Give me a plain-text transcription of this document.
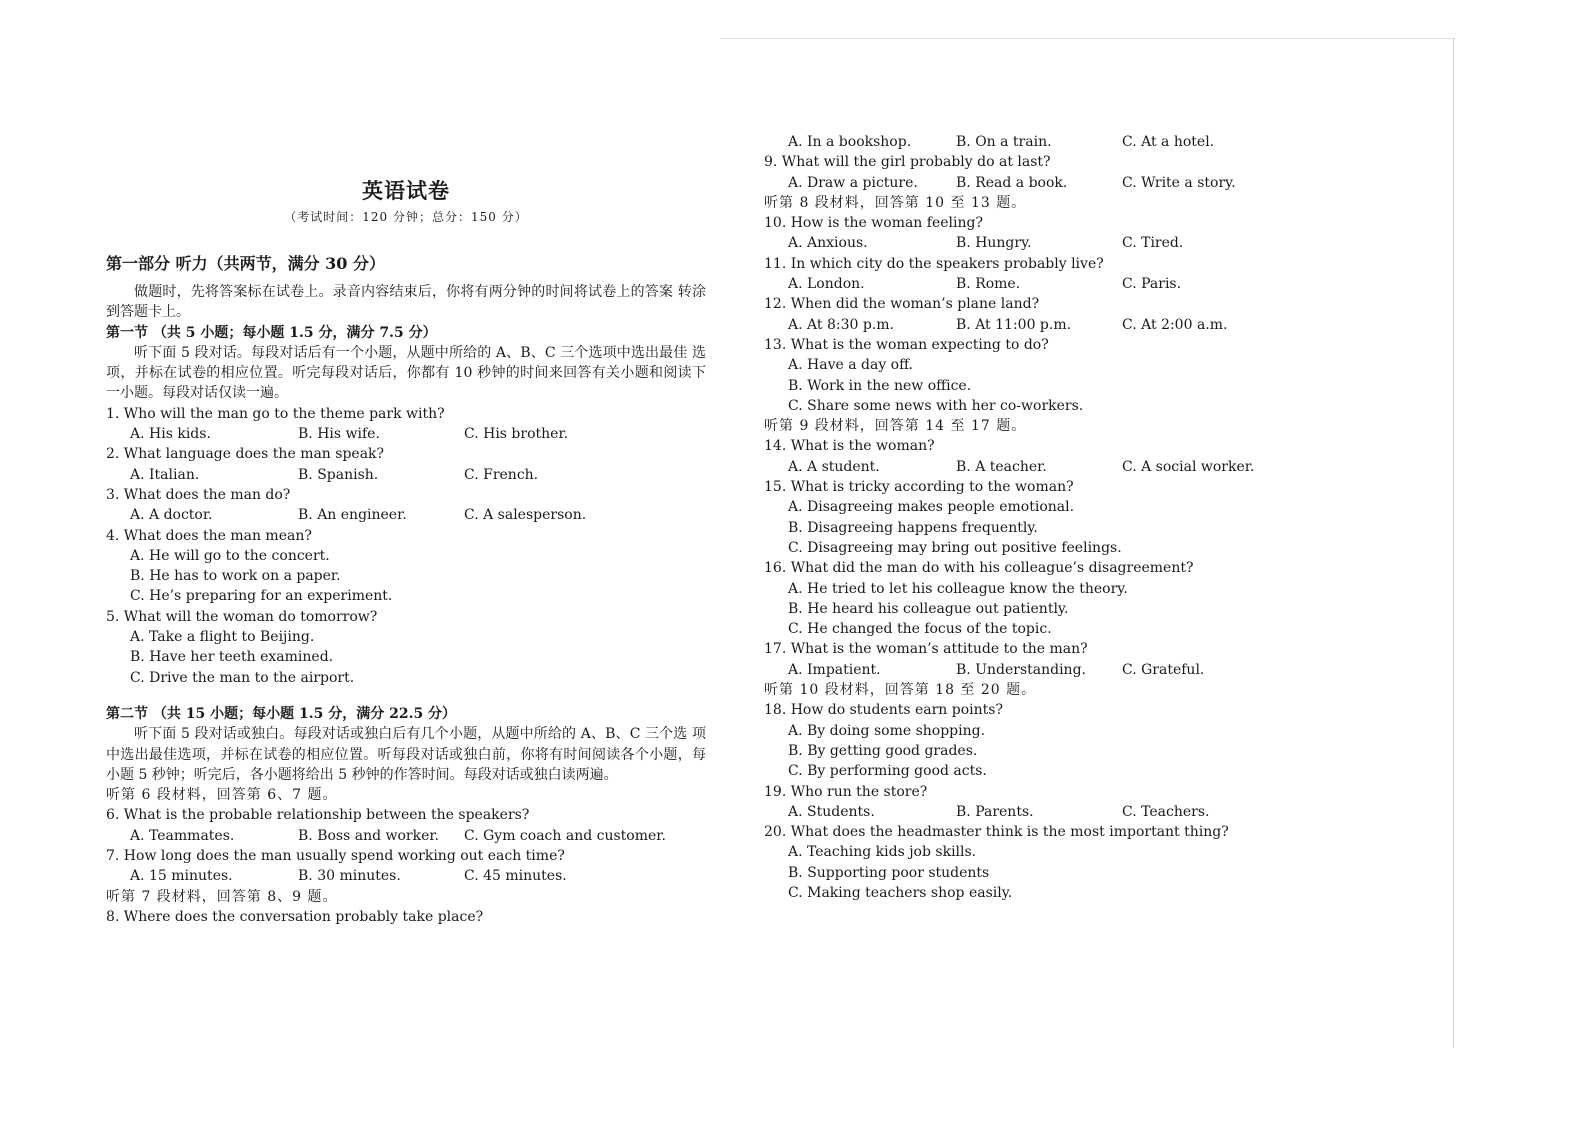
英语试卷
（考试时间：120 分钟；总分：150 分）
第一部分 听力（共两节，满分 30 分）
做题时，先将答案标在试卷上。录音内容结束后，你将有两分钟的时间将试卷上的答案 转涂到答题卡上。
第一节 （共 5 小题；每小题 1.5 分，满分 7.5 分）
听下面 5 段对话。每段对话后有一个小题，从题中所给的 A、B、C 三个选项中选出最佳 选项，并标在试卷的相应位置。听完每段对话后，你都有 10 秒钟的时间来回答有关小题和阅读下一小题。每段对话仅读一遍。
1. Who will the man go to the theme park with?
A. His kids.	B. His wife.	C. His brother.
2. What language does the man speak?
A. Italian.	B. Spanish.	C. French.
3. What does the man do?
A. A doctor.	B. An engineer.	C. A salesperson.
4. What does the man mean?
A. He will go to the concert.
B. He has to work on a paper.
C. He’s preparing for an experiment.
5. What will the woman do tomorrow?
A. Take a flight to Beijing.
B. Have her teeth examined.
C. Drive the man to the airport.
第二节 （共 15 小题；每小题 1.5 分，满分 22.5 分）
听下面 5 段对话或独白。每段对话或独白后有几个小题，从题中所给的 A、B、C 三个选 项中选出最佳选项，并标在试卷的相应位置。听每段对话或独白前，你将有时间阅读各个小题，每小题 5 秒钟；听完后，各小题将给出 5 秒钟的作答时间。每段对话或独白读两遍。
听第 6 段材料，回答第 6、7 题。
6. What is the probable relationship between the speakers?
A. Teammates.	B. Boss and worker.	C. Gym coach and customer.
7. How long does the man usually spend working out each time?
A. 15 minutes.	B. 30 minutes.	C. 45 minutes.
听第 7 段材料，回答第 8、9 题。
8. Where does the conversation probably take place?
A. In a bookshop.	B. On a train.	C. At a hotel.
9. What will the girl probably do at last?
A. Draw a picture.	B. Read a book.	C. Write a story.
听第 8 段材料，回答第 10 至 13 题。
10. How is the woman feeling?
A. Anxious.	B. Hungry.	C. Tired.
11. In which city do the speakers probably live?
A. London.	B. Rome.	C. Paris.
12. When did the woman’s plane land?
A. At 8:30 p.m.	B. At 11:00 p.m.	C. At 2:00 a.m.
13. What is the woman expecting to do?
A. Have a day off.
B. Work in the new office.
C. Share some news with her co-workers.
听第 9 段材料，回答第 14 至 17 题。
14. What is the woman?
A. A student.	B. A teacher.	C. A social worker.
15. What is tricky according to the woman?
A. Disagreeing makes people emotional.
B. Disagreeing happens frequently.
C. Disagreeing may bring out positive feelings.
16. What did the man do with his colleague’s disagreement?
A. He tried to let his colleague know the theory.
B. He heard his colleague out patiently.
C. He changed the focus of the topic.
17. What is the woman’s attitude to the man?
A. Impatient.	B. Understanding.	C. Grateful.
听第 10 段材料，回答第 18 至 20 题。
18. How do students earn points?
A. By doing some shopping.
B. By getting good grades.
C. By performing good acts.
19. Who run the store?
A. Students.	B. Parents.	C. Teachers.
20. What does the headmaster think is the most important thing?
A. Teaching kids job skills.
B. Supporting poor students
C. Making teachers shop easily.
